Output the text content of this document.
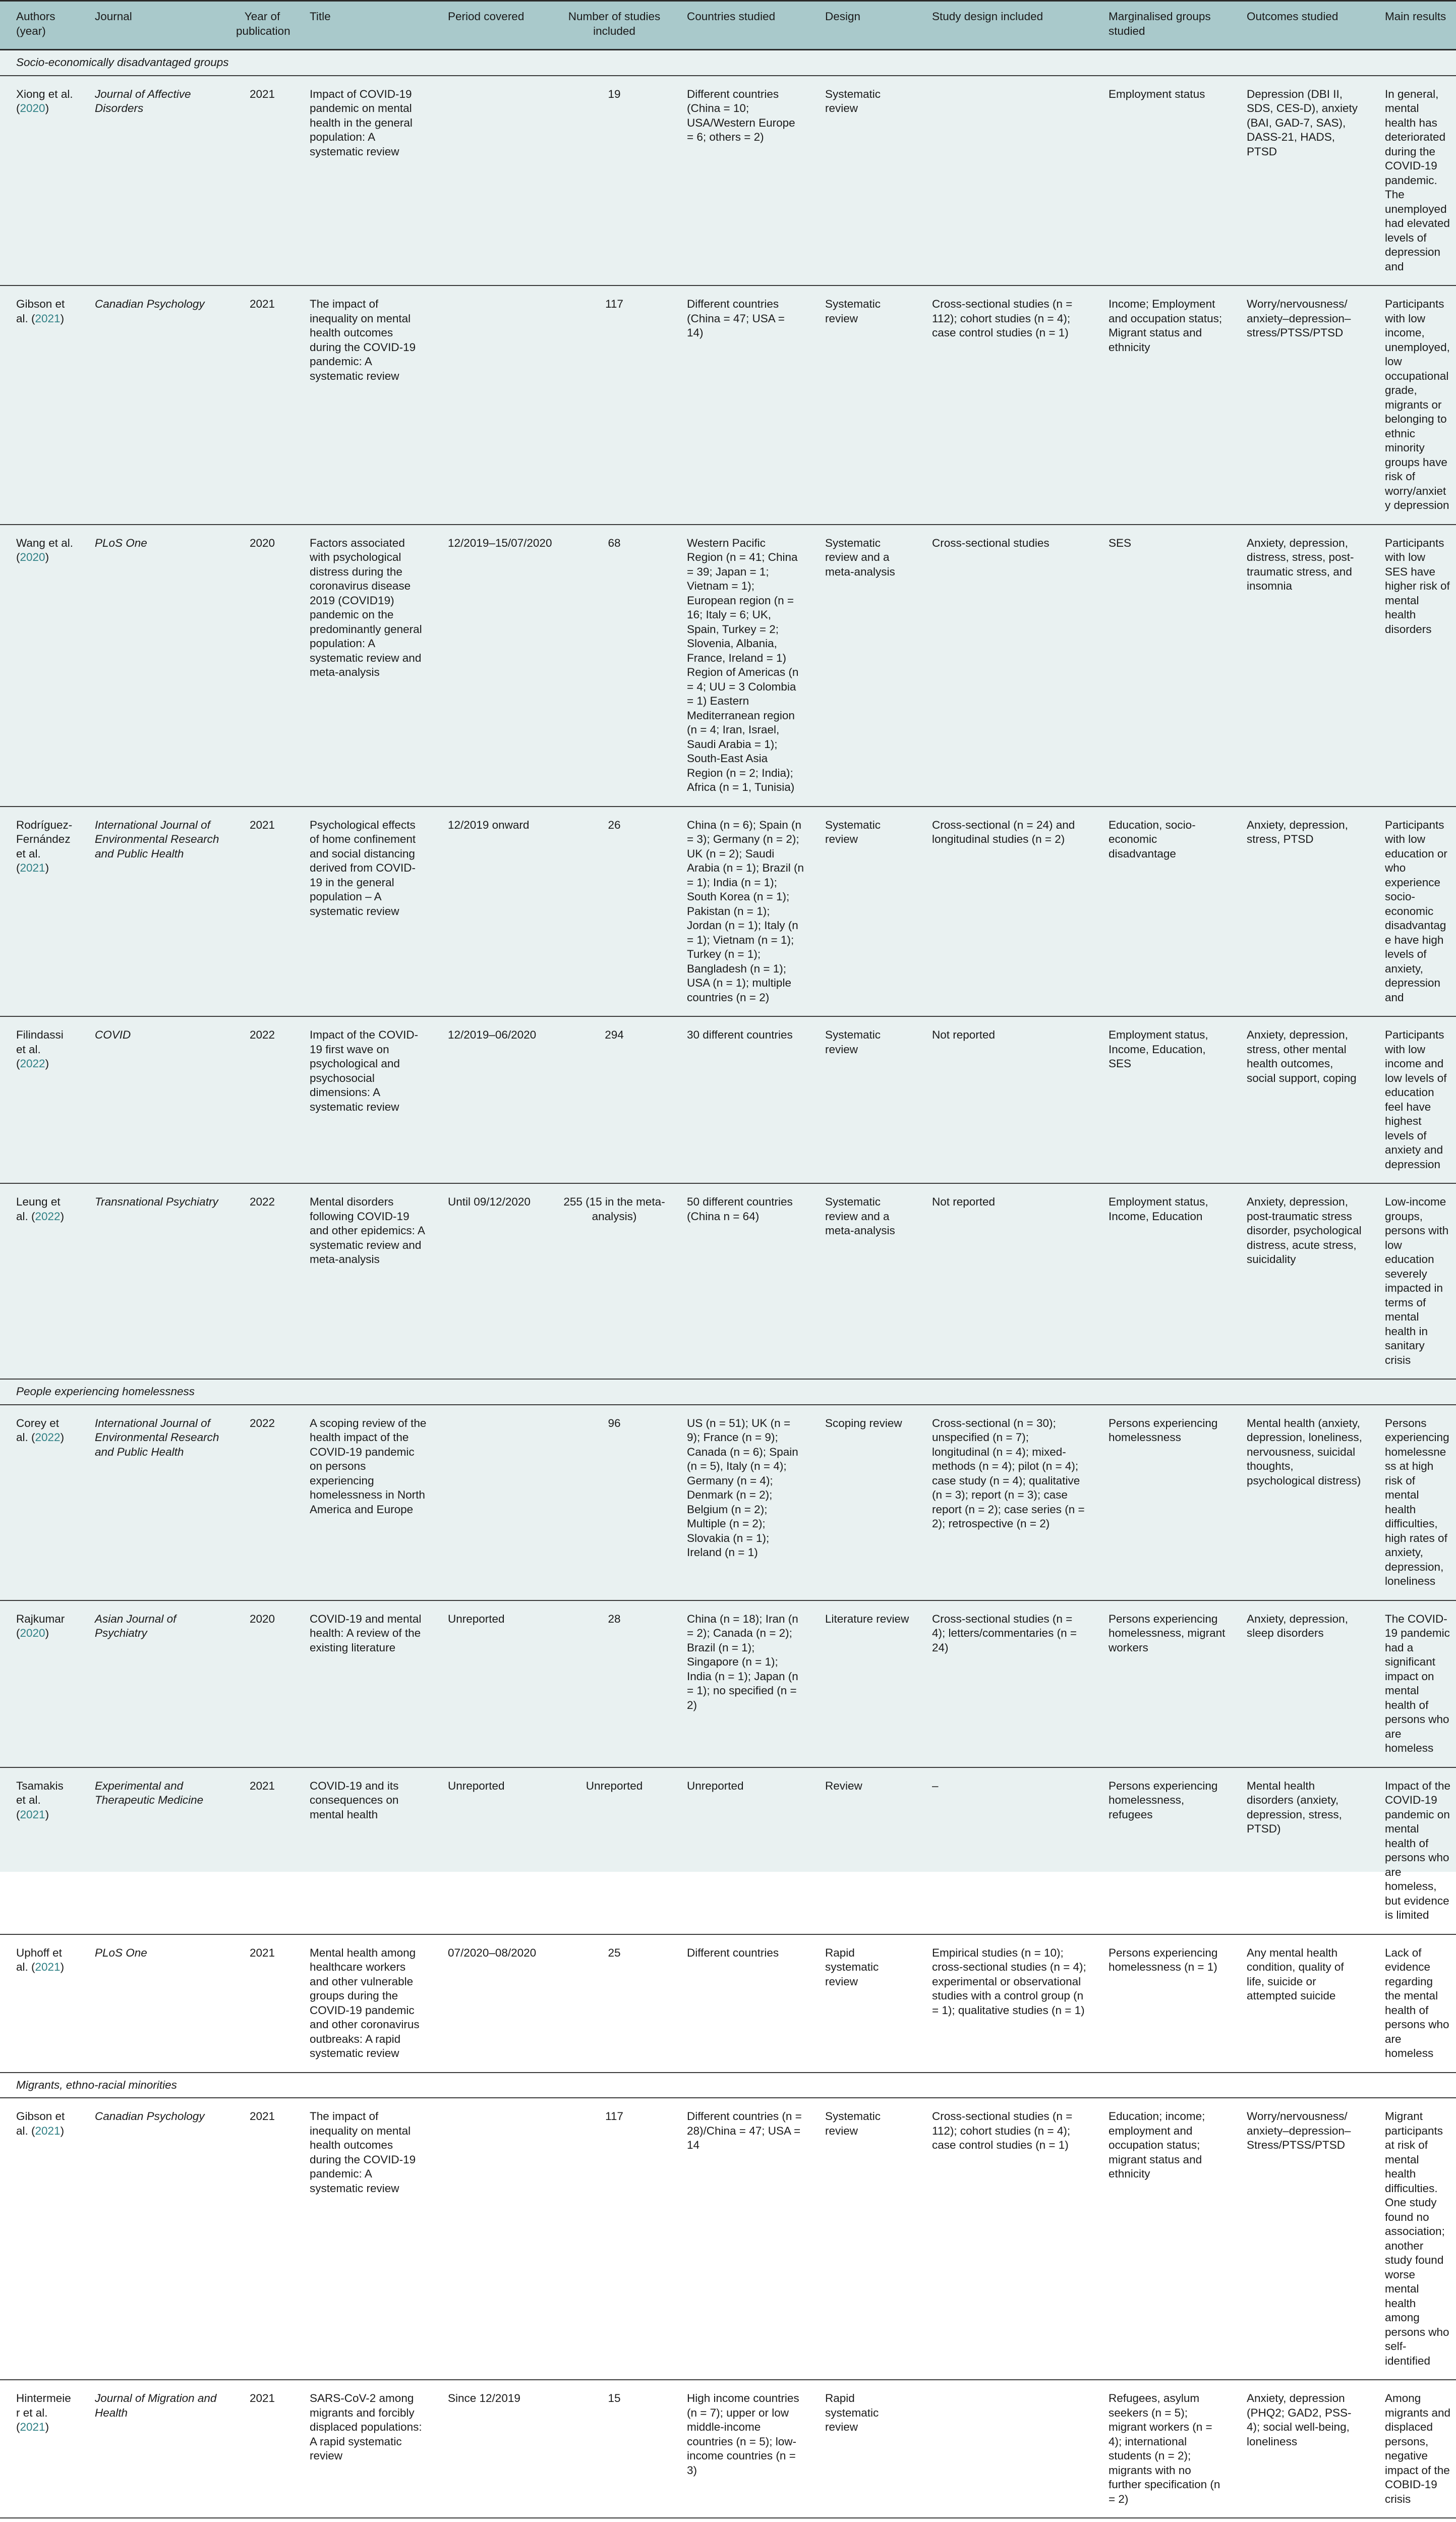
Authors (year)	Journal	Year of publication	Title	Period covered	Number of studies included	Countries studied	Design	Study design included	Marginalised groups studied	Outcomes studied	Main results
Socio-economically disadvantaged groups											
Xiong et al. (2020)	Journal of Affective Disorders	2021	Impact of COVID-19 pandemic on mental health in the general population: A systematic review		19	Different countries (China = 10; USA/Western Europe = 6; others = 2)	Systematic review		Employment status	Depression (DBI II, SDS, CES-D), anxiety (BAI, GAD-7, SAS), DASS-21, HADS, PTSD	In general, mental health has deteriorated during the COVID-19 pandemic. The unemployed had elevated levels of depression and
Gibson et al. (2021)	Canadian Psychology	2021	The impact of inequality on mental health outcomes during the COVID-19 pandemic: A systematic review		117	Different countries (China = 47; USA = 14)	Systematic review	Cross-sectional studies (n = 112); cohort studies (n = 4); case control studies (n = 1)	Income; Employment and occupation status; Migrant status and ethnicity	Worry/nervousness/ anxiety–depression–stress/PTSS/PTSD	Participants with low income, unemployed, low occupational grade, migrants or belonging to ethnic minority groups have risk of worry/anxiety depression
Wang et al. (2020)	PLoS One	2020	Factors associated with psychological distress during the coronavirus disease 2019 (COVID19) pandemic on the predominantly general population: A systematic review and meta-analysis	12/2019–15/07/2020	68	Western Pacific Region (n = 41; China = 39; Japan = 1; Vietnam = 1); European region (n = 16; Italy = 6; UK, Spain, Turkey = 2; Slovenia, Albania, France, Ireland = 1) Region of Americas (n = 4; UU = 3 Colombia = 1) Eastern Mediterranean region (n = 4; Iran, Israel, Saudi Arabia = 1); South-East Asia Region (n = 2; India); Africa (n = 1, Tunisia)	Systematic review and a meta-analysis	Cross-sectional studies	SES	Anxiety, depression, distress, stress, post-traumatic stress, and insomnia	Participants with low SES have higher risk of mental health disorders
Rodríguez-Fernández et al. (2021)	International Journal of Environmental Research and Public Health	2021	Psychological effects of home confinement and social distancing derived from COVID-19 in the general population – A systematic review	12/2019 onward	26	China (n = 6); Spain (n = 3); Germany (n = 2); UK (n = 2); Saudi Arabia (n = 1); Brazil (n = 1); India (n = 1); South Korea (n = 1); Pakistan (n = 1); Jordan (n = 1); Italy (n = 1); Vietnam (n = 1); Turkey (n = 1); Bangladesh (n = 1); USA (n = 1); multiple countries (n = 2)	Systematic review	Cross-sectional (n = 24) and longitudinal studies (n = 2)	Education, socio-economic disadvantage	Anxiety, depression, stress, PTSD	Participants with low education or who experience socio-economic disadvantage have high levels of anxiety, depression and
Filindassi et al. (2022)	COVID	2022	Impact of the COVID-19 first wave on psychological and psychosocial dimensions: A systematic review	12/2019–06/2020	294	30 different countries	Systematic review	Not reported	Employment status, Income, Education, SES	Anxiety, depression, stress, other mental health outcomes, social support, coping	Participants with low income and low levels of education feel have highest levels of anxiety and depression
Leung et al. (2022)	Transnational Psychiatry	2022	Mental disorders following COVID-19 and other epidemics: A systematic review and meta-analysis	Until 09/12/2020	255 (15 in the meta-analysis)	50 different countries (China n = 64)	Systematic review and a meta-analysis	Not reported	Employment status, Income, Education	Anxiety, depression, post-traumatic stress disorder, psychological distress, acute stress, suicidality	Low-income groups, persons with low education severely impacted in terms of mental health in sanitary crisis
People experiencing homelessness											
Corey et al. (2022)	International Journal of Environmental Research and Public Health	2022	A scoping review of the health impact of the COVID-19 pandemic on persons experiencing homelessness in North America and Europe		96	US (n = 51); UK (n = 9); France (n = 9); Canada (n = 6); Spain (n = 5), Italy (n = 4); Germany (n = 4); Denmark (n = 2); Belgium (n = 2); Multiple (n = 2); Slovakia (n = 1); Ireland (n = 1)	Scoping review	Cross-sectional (n = 30); unspecified (n = 7); longitudinal (n = 4); mixed-methods (n = 4); pilot (n = 4); case study (n = 4); qualitative (n = 3); report (n = 3); case report (n = 2); case series (n = 2); retrospective (n = 2)	Persons experiencing homelessness	Mental health (anxiety, depression, loneliness, nervousness, suicidal thoughts, psychological distress)	Persons experiencing homelessness at high risk of mental health difficulties, high rates of anxiety, depression, loneliness
Rajkumar (2020)	Asian Journal of Psychiatry	2020	COVID-19 and mental health: A review of the existing literature	Unreported	28	China (n = 18); Iran (n = 2); Canada (n = 2); Brazil (n = 1); Singapore (n = 1); India (n = 1); Japan (n = 1); no specified (n = 2)	Literature review	Cross-sectional studies (n = 4); letters/commentaries (n = 24)	Persons experiencing homelessness, migrant workers	Anxiety, depression, sleep disorders	The COVID-19 pandemic had a significant impact on mental health of persons who are homeless
Tsamakis et al. (2021)	Experimental and Therapeutic Medicine	2021	COVID-19 and its consequences on mental health	Unreported	Unreported	Unreported	Review	–	Persons experiencing homelessness, refugees	Mental health disorders (anxiety, depression, stress, PTSD)	Impact of the COVID-19 pandemic on mental health of persons who are homeless, but evidence is limited
Uphoff et al. (2021)	PLoS One	2021	Mental health among healthcare workers and other vulnerable groups during the COVID-19 pandemic and other coronavirus outbreaks: A rapid systematic review	07/2020–08/2020	25	Different countries	Rapid systematic review	Empirical studies (n = 10); cross-sectional studies (n = 4); experimental or observational studies with a control group (n = 1); qualitative studies (n = 1)	Persons experiencing homelessness (n = 1)	Any mental health condition, quality of life, suicide or attempted suicide	Lack of evidence regarding the mental health of persons who are homeless
Migrants, ethno-racial minorities											
Gibson et al. (2021)	Canadian Psychology	2021	The impact of inequality on mental health outcomes during the COVID-19 pandemic: A systematic review		117	Different countries (n = 28)/China = 47; USA = 14	Systematic review	Cross-sectional studies (n = 112); cohort studies (n = 4); case control studies (n = 1)	Education; income; employment and occupation status; migrant status and ethnicity	Worry/nervousness/ anxiety–depression–Stress/PTSS/PTSD	Migrant participants at risk of mental health difficulties. One study found no association; another study found worse mental health among persons who self-identified
Hintermeier et al. (2021)	Journal of Migration and Health	2021	SARS-CoV-2 among migrants and forcibly displaced populations: A rapid systematic review	Since 12/2019	15	High income countries (n = 7); upper or low middle-income countries (n = 5); low-income countries (n = 3)	Rapid systematic review		Refugees, asylum seekers (n = 5); migrant workers (n = 4); international students (n = 2); migrants with no further specification (n = 2)	Anxiety, depression (PHQ2; GAD2, PSS-4); social well-being, loneliness	Among migrants and displaced persons, negative impact of the COBID-19 crisis
